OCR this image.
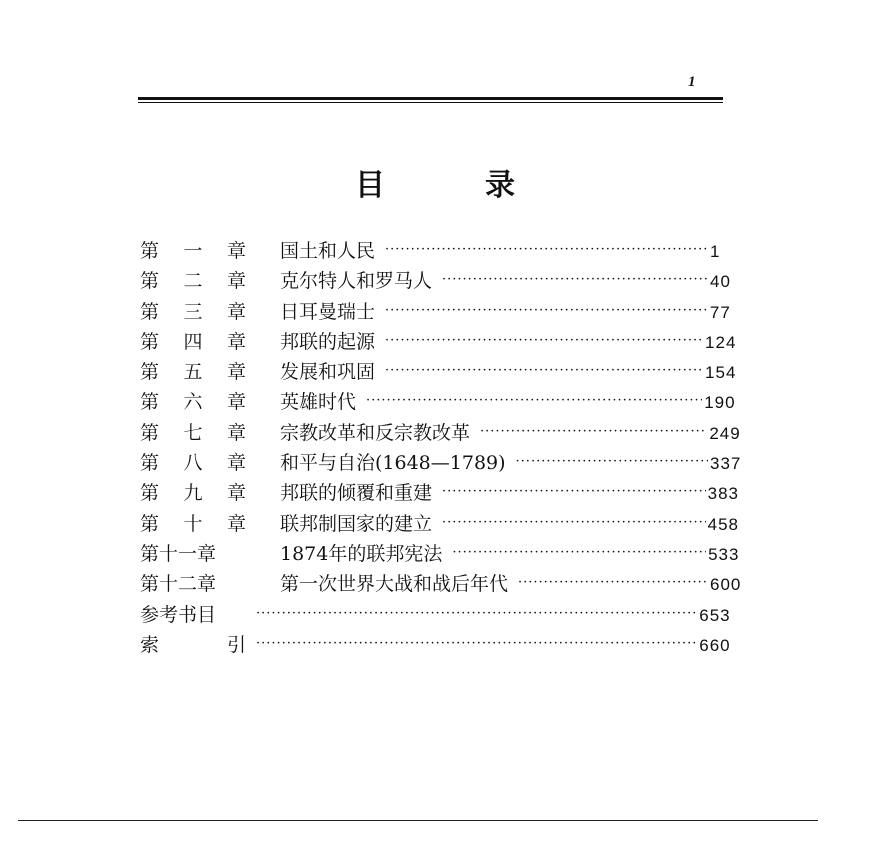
1
目	录
第 一 章 国土和人民 ·····	1
第 二 章 克尔特人和罗马人 ·····	40
第 三 章 日耳曼瑞士 ·····	77
第 四 章 邦联的起源 ·····	124
第 五 章 发展和巩固 ·····	154
第 六 章 英雄时代 ·····	190
第 七 章 宗教改革和反宗教改革 ·····	249
第 八 章 和平与自治(1648—1789) ·····	337
第 九 章 邦联的倾覆和重建 ·····	383
第 十 章 联邦制国家的建立 ·····	458
第十一章	1874年的联邦宪法 ·····	533
第十二章	第一次世界大战和战后年代 ·····	600
参考书目 ·····	653
索	引 ·····	660
